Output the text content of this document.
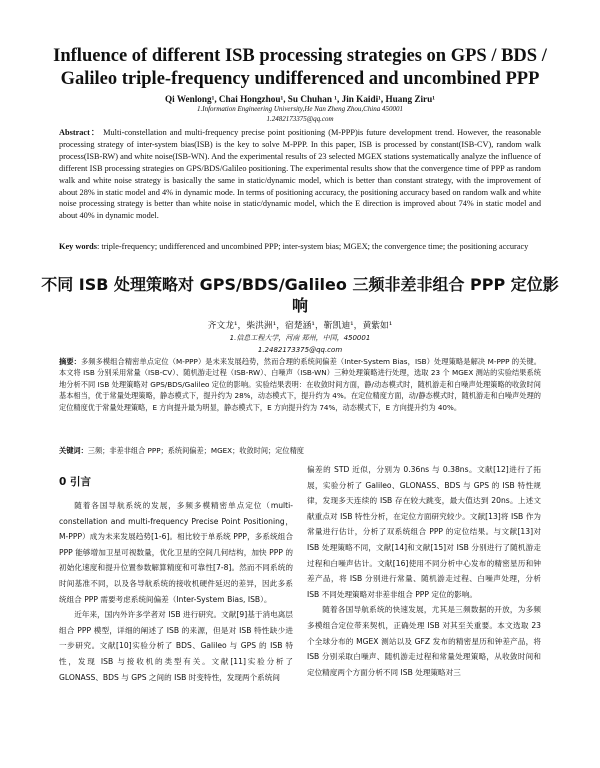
Influence of different ISB processing strategies on GPS / BDS / Galileo triple-frequency undifferenced and uncombined PPP
Qi Wenlong¹, Chai Hongzhou¹, Su Chuhan ¹, Jin Kaidi¹, Huang Ziru¹
1.Information Engineering University,He Nan Zheng Zhou,China 450001
1.2482173375@qq.com

Abstract： Multi-constellation and multi-frequency precise point positioning (M-PPP)is future development trend. However, the reasonable processing strategy of inter-system bias(ISB) is the key to solve M-PPP. In this paper, ISB is processed by constant(ISB-CV), random walk process(ISB-RW) and white noise(ISB-WN). And the experimental results of 23 selected MGEX stations systematically analyze the influence of different ISB processing strategies on GPS/BDS/Galileo positioning. The experimental results show that the convergence time of PPP as random walk and white noise strategy is basically the same in static/dynamic model, which is better than constant strategy, with the improvement of about 28% in static model and 4% in dynamic mode. In terms of positioning accuracy, the positioning accuracy based on random walk and white noise processing strategy is better than white noise in static/dynamic model, which the E direction is improved about 74% in static model and about 40% in dynamic model.

Key words: triple-frequency; undifferenced and uncombined PPP; inter-system bias; MGEX; the convergence time; the positioning accuracy

不同 ISB 处理策略对 GPS/BDS/Galileo 三频非差非组合 PPP 定位影响
齐文龙¹，柴洪洲¹，宿楚涵¹，靳凯迪¹，黄紫如¹
1.信息工程大学，河南 郑州，中国，450001
1.2482173375@qq.com

摘要：多频多模组合精密单点定位（M-PPP）是未来发展趋势，然而合理的系统间偏差（Inter-System Bias，ISB）处理策略是解决 M-PPP 的关键。本文将 ISB 分别采用常量（ISB-CV）、随机游走过程（ISB-RW）、白噪声（ISB-WN）三种处理策略进行处理，选取 23 个 MGEX 测站的实验结果系统地分析不同 ISB 处理策略对 GPS/BDS/Galileo 定位的影响。实验结果表明：在收敛时间方面，静/动态模式时，随机游走和白噪声处理策略的收敛时间基本相当，优于常量处理策略，静态模式下，提升约为 28%，动态模式下，提升约为 4%。在定位精度方面，动/静态模式时，随机游走和白噪声处理的定位精度优于常量处理策略，E 方向提升最为明显，静态模式下，E 方向提升约为 74%，动态模式下，E 方向提升约为 40%。

关键词：三频；非差非组合 PPP；系统间偏差；MGEX；收敛时间；定位精度

0 引言

随着各国导航系统的发展，多频多模精密单点定位（multi-constellation and multi-frequency Precise Point Positioning，M-PPP）成为未来发展趋势[1-6]。相比较于单系统 PPP，多系统组合 PPP 能够增加卫星可视数量，优化卫星的空间几何结构，加快 PPP 的初始化速度和提升位置参数解算精度和可靠性[7-8]。然而不同系统的时间基准不同，以及各导航系统的接收机硬件延迟的差异，因此多系统组合 PPP 需要考虑系统间偏差（Inter-System Bias, ISB）。

近年来，国内外许多学者对 ISB 进行研究。文献[9]基于消电离层组合 PPP 模型，详细的阐述了 ISB 的来源，但是对 ISB 特性缺少进一步研究。文献[10]实验分析了 BDS、Galileo 与 GPS 的 ISB 特性，发现 ISB 与接收机的类型有关。文献[11]实验分析了 GLONASS、BDS 与 GPS 之间的 ISB 时变特性，发现两个系统间

偏差的 STD 近似，分别为 0.36ns 与 0.38ns。文献[12]进行了拓展，实验分析了 Galileo、GLONASS、BDS 与 GPS 的 ISB 特性规律，发现多天连续的 ISB 存在较大跳变，最大值达到 20ns。上述文献重点对 ISB 特性分析，在定位方面研究较少。文献[13]将 ISB 作为常量进行估计，分析了双系统组合 PPP 的定位结果。与文献[13]对 ISB 处理策略不同，文献[14]和文献[15]对 ISB 分别进行了随机游走过程和白噪声估计。文献[16]使用不同分析中心发布的精密星历和钟差产品，将 ISB 分别进行常量、随机游走过程、白噪声处理，分析 ISB 不同处理策略对非差非组合 PPP 定位的影响。

随着各国导航系统的快速发展，尤其是三频数据的开放，为多频多模组合定位带来契机，正确处理 ISB 对其至关重要。本文选取 23 个全球分布的 MGEX 测站以及 GFZ 发布的精密星历和钟差产品，将 ISB 分别采取白噪声、随机游走过程和常量处理策略，从收敛时间和定位精度两个方面分析不同 ISB 处理策略对三
